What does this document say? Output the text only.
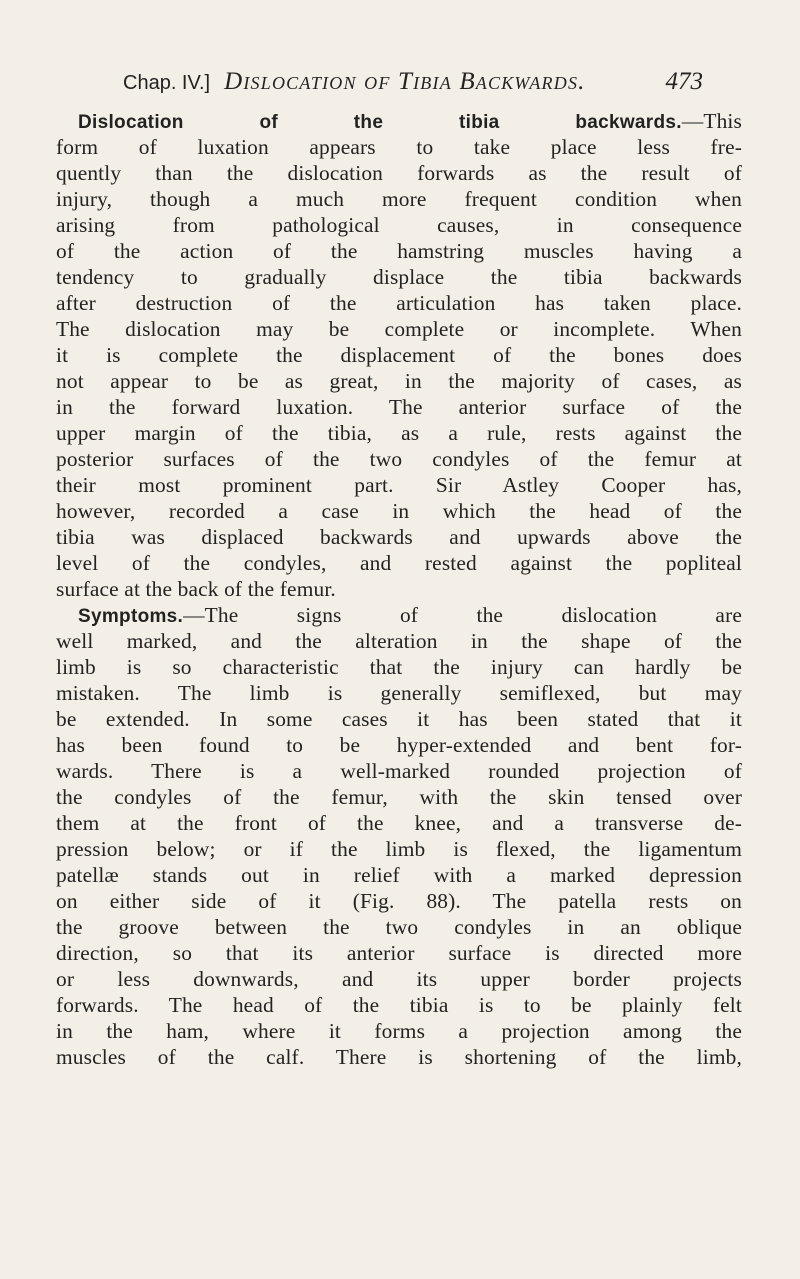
Chap. IV.] Dislocation of Tibia Backwards.	473
Dislocation of the tibia backwards.—This
form of luxation appears to take place less fre-
quently than the dislocation forwards as the result of
injury, though a much more frequent condition when
arising from pathological causes, in consequence
of the action of the hamstring muscles having a
tendency to gradually displace the tibia backwards
after destruction of the articulation has taken place.
The dislocation may be complete or incomplete. When
it is complete the displacement of the bones does
not appear to be as great, in the majority of cases, as
in the forward luxation. The anterior surface of the
upper margin of the tibia, as a rule, rests against the
posterior surfaces of the two condyles of the femur at
their most prominent part. Sir Astley Cooper has,
however, recorded a case in which the head of the
tibia was displaced backwards and upwards above the
level of the condyles, and rested against the popliteal
surface at the back of the femur.
Symptoms.—The signs of the dislocation are
well marked, and the alteration in the shape of the
limb is so characteristic that the injury can hardly be
mistaken. The limb is generally semiflexed, but may
be extended. In some cases it has been stated that it
has been found to be hyper-extended and bent for-
wards. There is a well-marked rounded projection of
the condyles of the femur, with the skin tensed over
them at the front of the knee, and a transverse de-
pression below; or if the limb is flexed, the ligamentum
patellæ stands out in relief with a marked depression
on either side of it (Fig. 88). The patella rests on
the groove between the two condyles in an oblique
direction, so that its anterior surface is directed more
or less downwards, and its upper border projects
forwards. The head of the tibia is to be plainly felt
in the ham, where it forms a projection among the
muscles of the calf. There is shortening of the limb,
